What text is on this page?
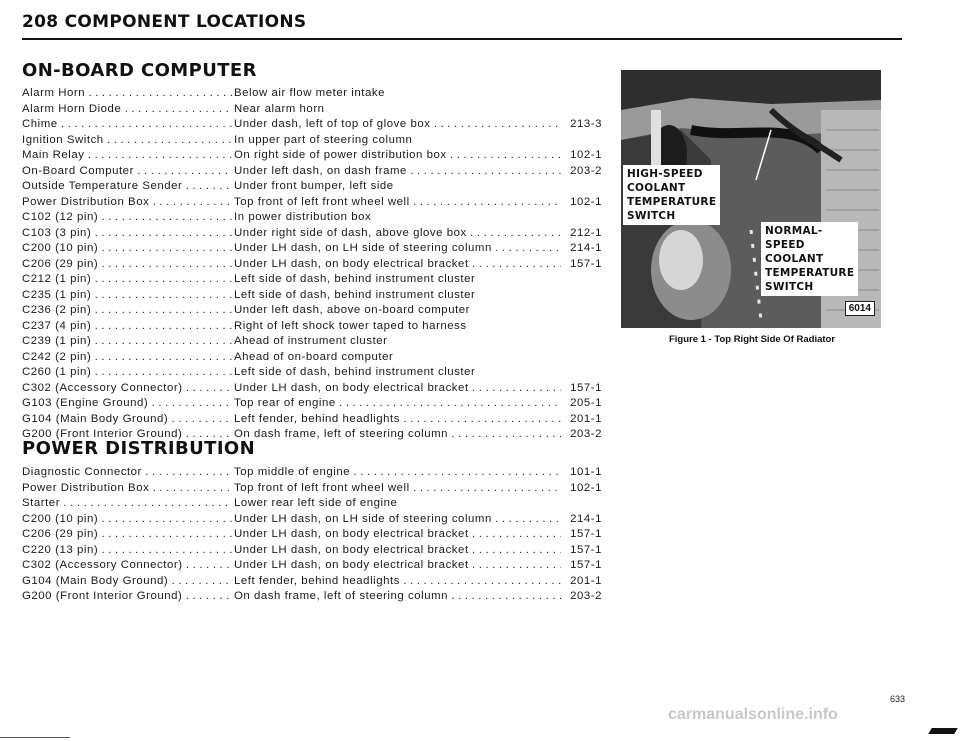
208 COMPONENT LOCATIONS
ON-BOARD COMPUTER
Alarm Horn . . .	Below air flow meter intake
Alarm Horn Diode . . .	Near alarm horn
Chime . . .	Under dash, left of top of glove box . . .	213-3
Ignition Switch . . .	In upper part of steering column
Main Relay . . .	On right side of power distribution box . . .	102-1
On-Board Computer . . .	Under left dash, on dash frame . . .	203-2
Outside Temperature Sender . . .	Under front bumper, left side
Power Distribution Box . . .	Top front of left front wheel well . . .	102-1
C102 (12 pin) . . .	In power distribution box
C103 (3 pin) . . .	Under right side of dash, above glove box . . .	212-1
C200 (10 pin) . . .	Under LH dash, on LH side of steering column . . .	214-1
C206 (29 pin) . . .	Under LH dash, on body electrical bracket . . .	157-1
C212 (1 pin) . . .	Left side of dash, behind instrument cluster
C235 (1 pin) . . .	Left side of dash, behind instrument cluster
C236 (2 pin) . . .	Under left dash, above on-board computer
C237 (4 pin) . . .	Right of left shock tower taped to harness
C239 (1 pin) . . .	Ahead of instrument cluster
C242 (2 pin) . . .	Ahead of on-board computer
C260 (1 pin) . . .	Left side of dash, behind instrument cluster
C302 (Accessory Connector) . . .	Under LH dash, on body electrical bracket . . .	157-1
G103 (Engine Ground) . . .	Top rear of engine . . .	205-1
G104 (Main Body Ground) . . .	Left fender, behind headlights . . .	201-1
G200 (Front Interior Ground) . . .	On dash frame, left of steering column . . .	203-2
POWER DISTRIBUTION
Diagnostic Connector . . .	Top middle of engine . . .	101-1
Power Distribution Box . . .	Top front of left front wheel well . . .	102-1
Starter . . .	Lower rear left side of engine
C200 (10 pin) . . .	Under LH dash, on LH side of steering column . . .	214-1
C206 (29 pin) . . .	Under LH dash, on body electrical bracket . . .	157-1
C220 (13 pin) . . .	Under LH dash, on body electrical bracket . . .	157-1
C302 (Accessory Connector) . . .	Under LH dash, on body electrical bracket . . .	157-1
G104 (Main Body Ground) . . .	Left fender, behind headlights . . .	201-1
G200 (Front Interior Ground) . . .	On dash frame, left of steering column . . .	203-2
HIGH-SPEED
COOLANT
TEMPERATURE
SWITCH
NORMAL-
SPEED
COOLANT
TEMPERATURE
SWITCH
6014
Figure 1 - Top Right Side Of Radiator
633
carmanualsonline.info
